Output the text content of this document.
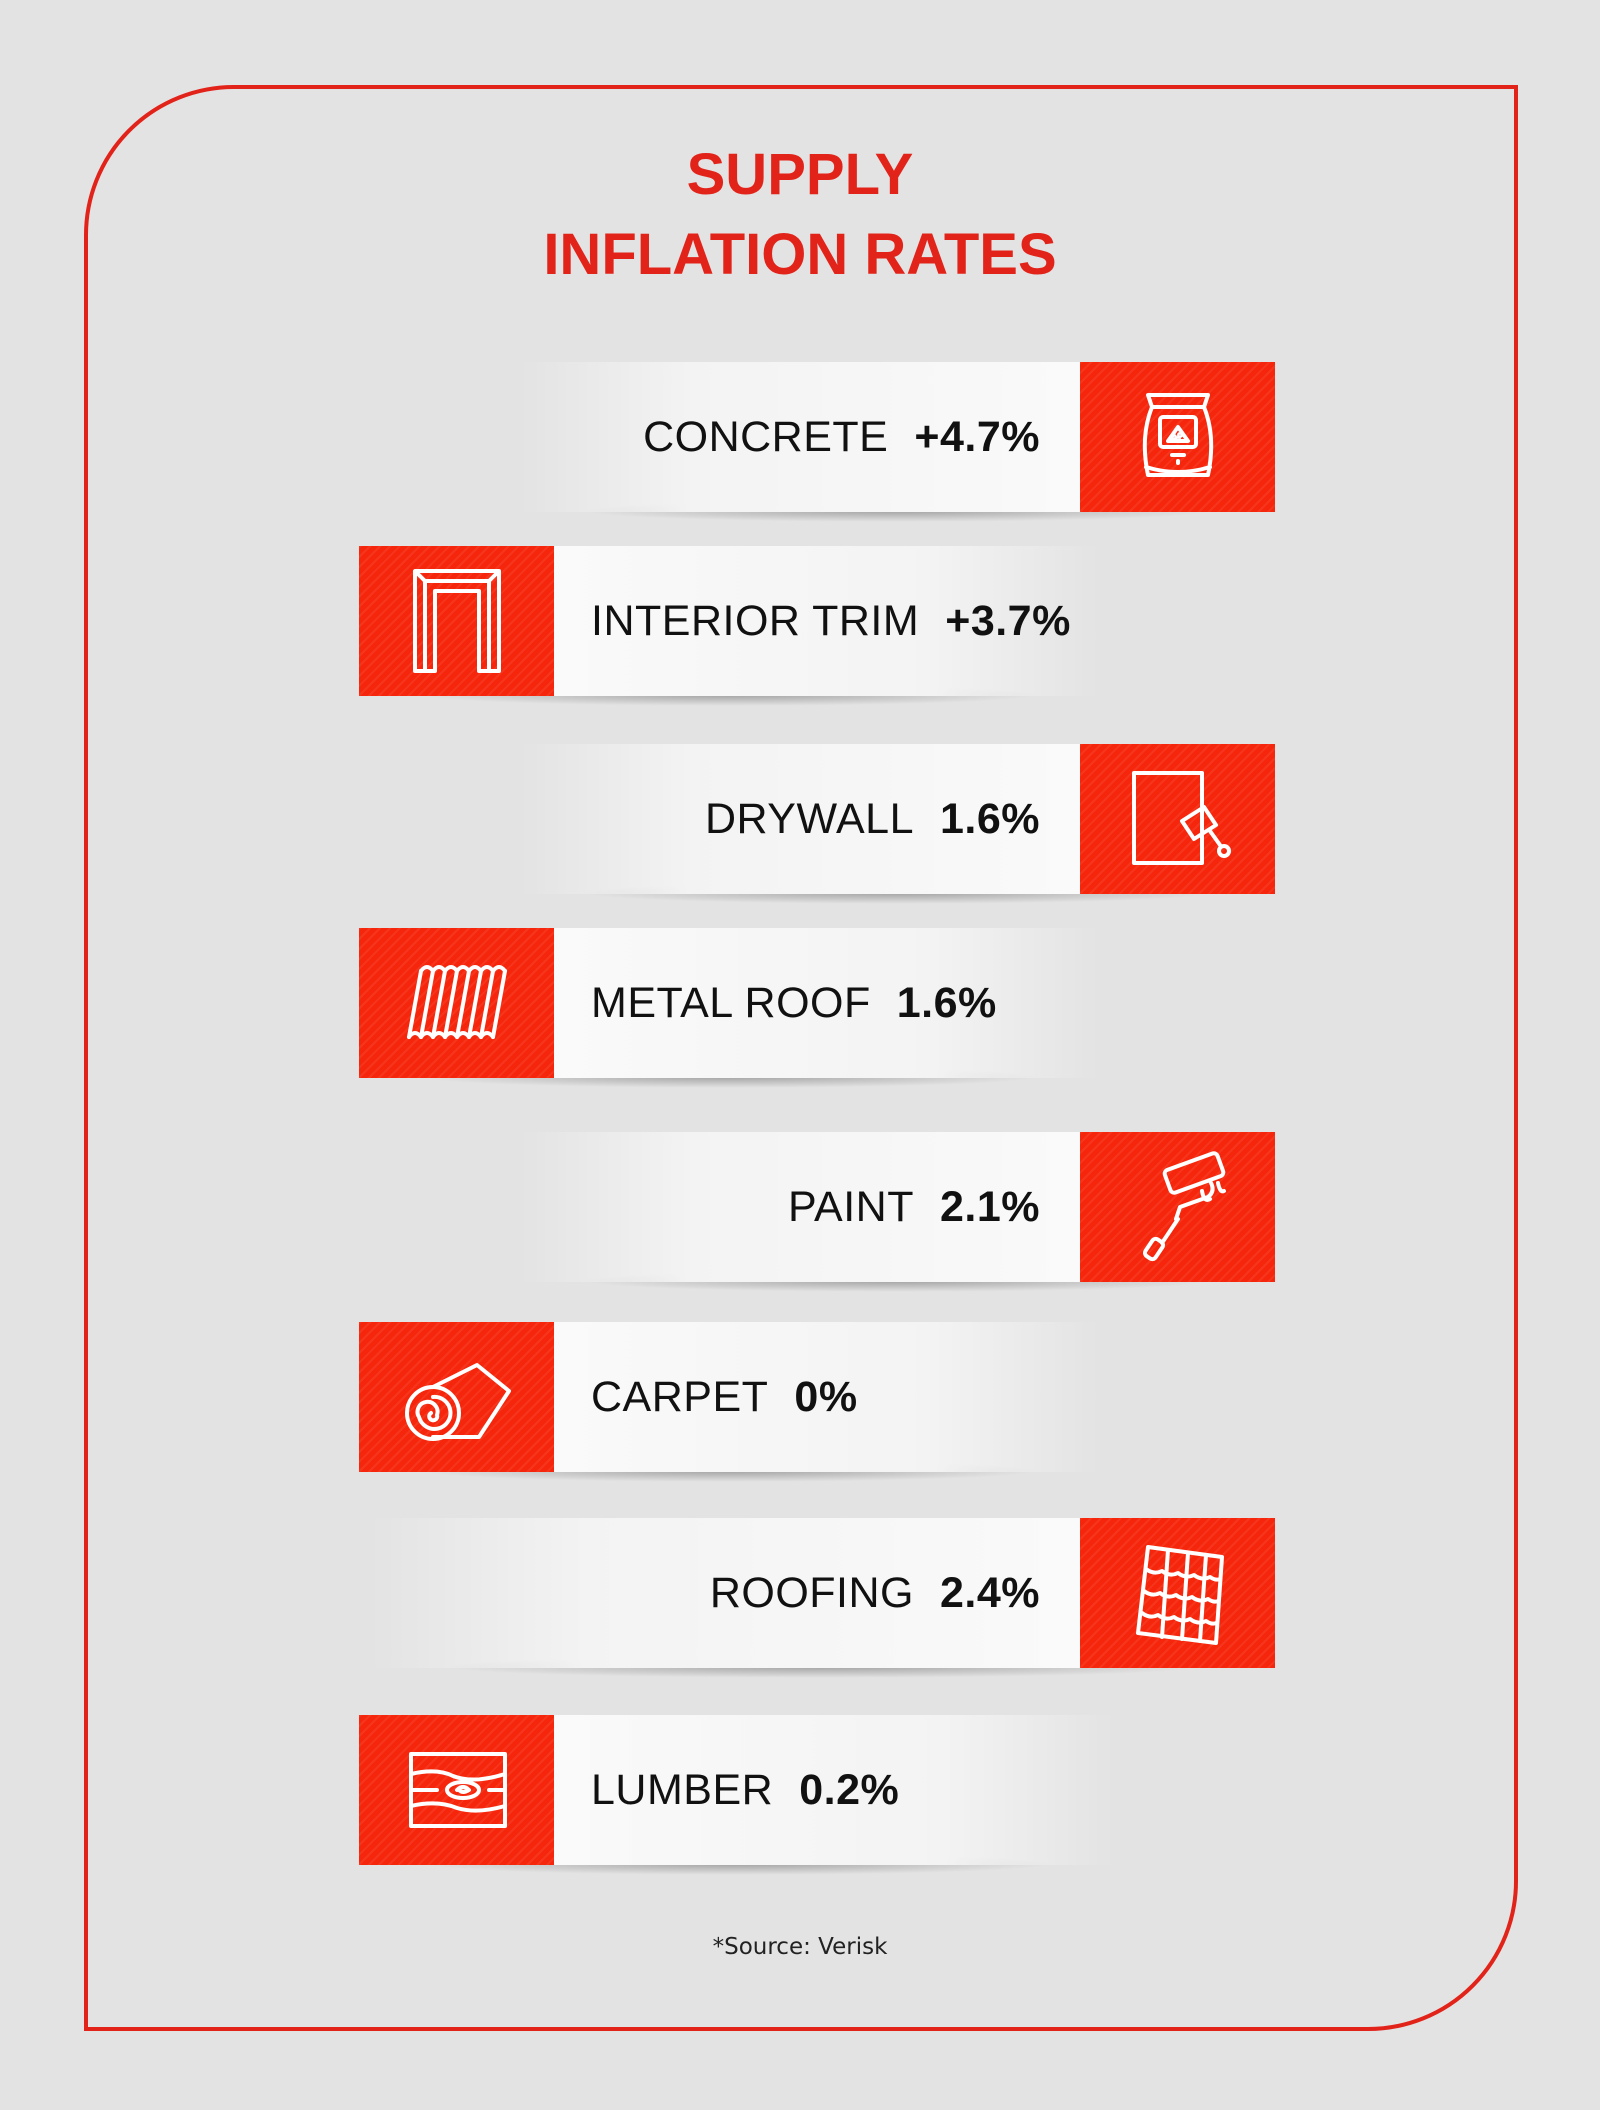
SUPPLY
INFLATION RATES
CONCRETE +4.7%
INTERIOR TRIM +3.7%
DRYWALL 1.6%
METAL ROOF 1.6%
PAINT 2.1%
CARPET 0%
ROOFING 2.4%
LUMBER 0.2%
*Source: Verisk
